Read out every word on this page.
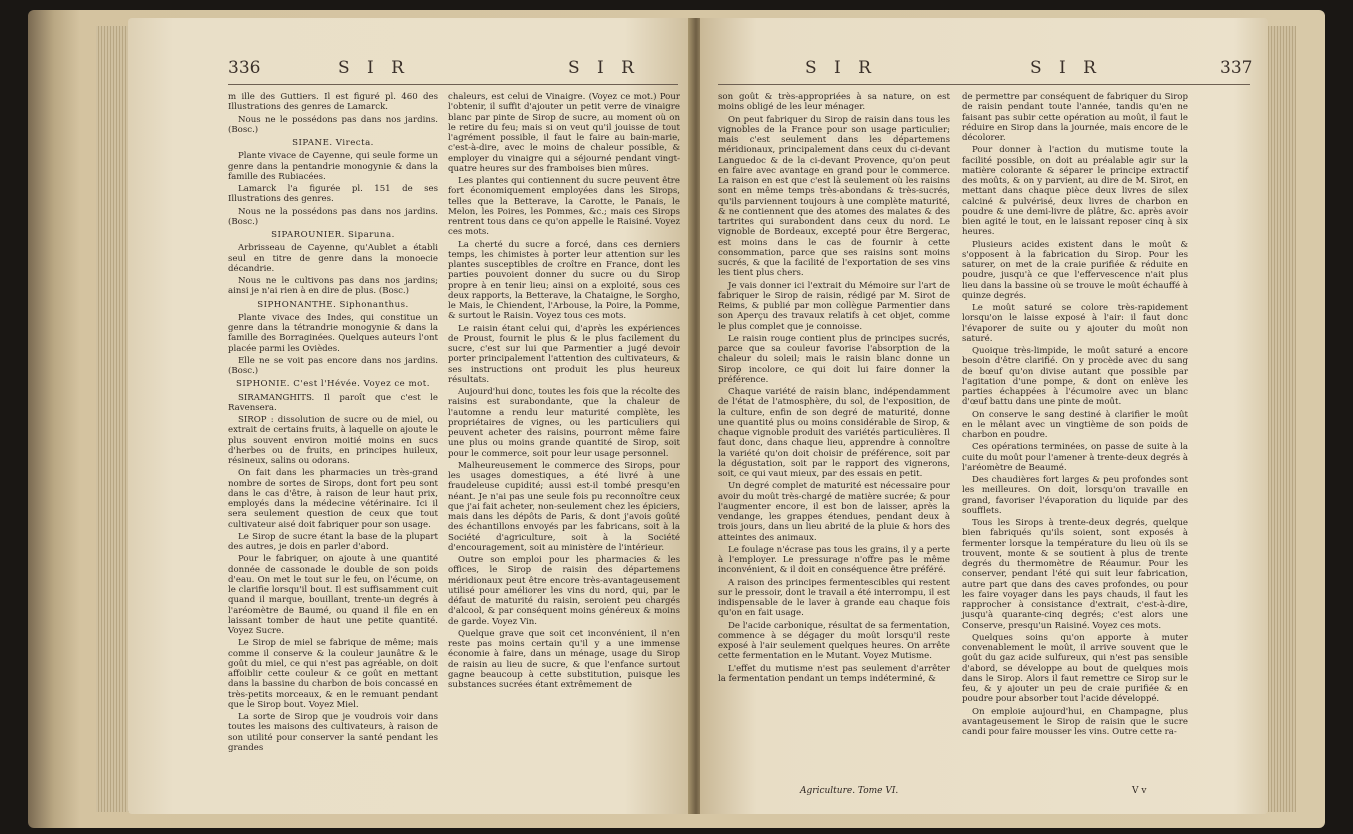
336	S I R	S I R

m ille des Guttiers. Il est figuré pl. 460 des Illustrations des genres de Lamarck.

Nous ne le possédons pas dans nos jardins. (Bosc.)

SIPANE. Virecta.

Plante vivace de Cayenne, qui seule forme un genre dans la pentandrie monogynie & dans la famille des Rubiacées.

Lamarck l'a figurée pl. 151 de ses Illustrations des genres.

Nous ne la possédons pas dans nos jardins. (Bosc.)

SIPAROUNIER. Siparuna.

Arbrisseau de Cayenne, qu'Aublet a établi seul en titre de genre dans la monoecie décandrie.

Nous ne le cultivons pas dans nos jardins; ainsi je n'ai rien à en dire de plus. (Bosc.)

SIPHONANTHE. Siphonanthus.

Plante vivace des Indes, qui constitue un genre dans la tétrandrie monogynie & dans la famille des Borraginées. Quelques auteurs l'ont placée parmi les Ovièdes.

Elle ne se voit pas encore dans nos jardins. (Bosc.)

SIPHONIE. C'est l'Hévée. Voyez ce mot.

SIRAMANGHITS. Il paroît que c'est le Ravensera.

SIROP : dissolution de sucre ou de miel, ou extrait de certains fruits, à laquelle on ajoute le plus souvent environ moitié moins en sucs d'herbes ou de fruits, en principes huileux, résineux, salins ou odorans.

On fait dans les pharmacies un très-grand nombre de sortes de Sirops, dont fort peu sont dans le cas d'être, à raison de leur haut prix, employés dans la médecine vétérinaire. Ici il sera seulement question de ceux que tout cultivateur aisé doit fabriquer pour son usage.

Le Sirop de sucre étant la base de la plupart des autres, je dois en parler d'abord.

Pour le fabriquer, on ajoute à une quantité donnée de cassonade le double de son poids d'eau. On met le tout sur le feu, on l'écume, on le clarifie lorsqu'il bout. Il est suffisamment cuit quand il marque, bouillant, trente-un degrés à l'aréomètre de Baumé, ou quand il file en en laissant tomber de haut une petite quantité. Voyez Sucre.

Le Sirop de miel se fabrique de même; mais comme il conserve & la couleur jaunâtre & le goût du miel, ce qui n'est pas agréable, on doit affoiblir cette couleur & ce goût en mettant dans la bassine du charbon de bois concassé en très-petits morceaux, & en le remuant pendant que le Sirop bout. Voyez Miel.

La sorte de Sirop que je voudrois voir dans toutes les maisons des cultivateurs, à raison de son utilité pour conserver la santé pendant les grandes

chaleurs, est celui de Vinaigre. (Voyez ce mot.) Pour l'obtenir, il suffit d'ajouter un petit verre de vinaigre blanc par pinte de Sirop de sucre, au moment où on le retire du feu; mais si on veut qu'il jouisse de tout l'agrément possible, il faut le faire au bain-marie, c'est-à-dire, avec le moins de chaleur possible, & employer du vinaigre qui a séjourné pendant vingt-quatre heures sur des framboises bien mûres.

Les plantes qui contiennent du sucre peuvent être fort économiquement employées dans les Sirops, telles que la Betterave, la Carotte, le Panais, le Melon, les Poires, les Pommes, &c.; mais ces Sirops rentrent tous dans ce qu'on appelle le Raisiné. Voyez ces mots.

La cherté du sucre a forcé, dans ces derniers temps, les chimistes à porter leur attention sur les plantes susceptibles de croître en France, dont les parties pouvoient donner du sucre ou du Sirop propre à en tenir lieu; ainsi on a exploité, sous ces deux rapports, la Betterave, la Chataigne, le Sorgho, le Mais, le Chiendent, l'Arbouse, la Poire, la Pomme, & surtout le Raisin. Voyez tous ces mots.

Le raisin étant celui qui, d'après les expériences de Proust, fournit le plus & le plus facilement du sucre, c'est sur lui que Parmentier a jugé devoir porter principalement l'attention des cultivateurs, & ses instructions ont produit les plus heureux résultats.

Aujourd'hui donc, toutes les fois que la récolte des raisins est surabondante, que la chaleur de l'automne a rendu leur maturité complète, les propriétaires de vignes, ou les particuliers qui peuvent acheter des raisins, pourront même faire une plus ou moins grande quantité de Sirop, soit pour le commerce, soit pour leur usage personnel.

Malheureusement le commerce des Sirops, pour les usages domestiques, a été livré à une fraudeleuse cupidité; aussi est-il tombé presqu'en néant. Je n'ai pas une seule fois pu reconnoître ceux que j'ai fait acheter, non-seulement chez les épiciers, mais dans les dépôts de Paris, & dont j'avois goûté des échantillons envoyés par les fabricans, soit à la Société d'agriculture, soit à la Société d'encouragement, soit au ministère de l'intérieur.

Outre son emploi pour les pharmacies & les offices, le Sirop de raisin des départemens méridionaux peut être encore très-avantageusement utilisé pour améliorer les vins du nord, qui, par le défaut de maturité du raisin, seroient peu chargés d'alcool, & par conséquent moins généreux & moins de garde. Voyez Vin.

Quelque grave que soit cet inconvénient, il n'en reste pas moins certain qu'il y a une immense économie à faire, dans un ménage, usage du Sirop de raisin au lieu de sucre, & que l'enfance surtout gagne beaucoup à cette substitution, puisque les substances sucrées étant extrêmement de

S I R	S I R	337

son goût & très-appropriées à sa nature, on est moins obligé de les leur ménager.

On peut fabriquer du Sirop de raisin dans tous les vignobles de la France pour son usage particulier; mais c'est seulement dans les départemens méridionaux, principalement dans ceux du ci-devant Languedoc & de la ci-devant Provence, qu'on peut en faire avec avantage en grand pour le commerce. La raison en est que c'est là seulement où les raisins sont en même temps très-abondans & très-sucrés, qu'ils parviennent toujours à une complète maturité, & ne contiennent que des atomes des malates & des tartrites qui surabondent dans ceux du nord. Le vignoble de Bordeaux, excepté pour être Bergerac, est moins dans le cas de fournir à cette consommation, parce que ses raisins sont moins sucrés, & que la facilité de l'exportation de ses vins les tient plus chers.

Je vais donner ici l'extrait du Mémoire sur l'art de fabriquer le Sirop de raisin, rédigé par M. Sirot de Reims, & publié par mon collègue Parmentier dans son Aperçu des travaux relatifs à cet objet, comme le plus complet que je connoisse.

Le raisin rouge contient plus de principes sucrés, parce que sa couleur favorise l'absorption de la chaleur du soleil; mais le raisin blanc donne un Sirop incolore, ce qui doit lui faire donner la préférence.

Chaque variété de raisin blanc, indépendamment de l'état de l'atmosphère, du sol, de l'exposition, de la culture, enfin de son degré de maturité, donne une quantité plus ou moins considérable de Sirop, & chaque vignoble produit des variétés particulières. Il faut donc, dans chaque lieu, apprendre à connoître la variété qu'on doit choisir de préférence, soit par la dégustation, soit par le rapport des vignerons, soit, ce qui vaut mieux, par des essais en petit.

Un degré complet de maturité est nécessaire pour avoir du moût très-chargé de matière sucrée; & pour l'augmenter encore, il est bon de laisser, après la vendange, les grappes étendues, pendant deux à trois jours, dans un lieu abrité de la pluie & hors des atteintes des animaux.

Le foulage n'écrase pas tous les grains, il y a perte à l'employer. Le pressurage n'offre pas le même inconvénient, & il doit en conséquence être préféré.

A raison des principes fermentescibles qui restent sur le pressoir, dont le travail a été interrompu, il est indispensable de le laver à grande eau chaque fois qu'on en fait usage.

De l'acide carbonique, résultat de sa fermentation, commence à se dégager du moût lorsqu'il reste exposé à l'air seulement quelques heures. On arrête cette fermentation en le Mutant. Voyez Mutisme.

L'effet du mutisme n'est pas seulement d'arrêter la fermentation pendant un temps indéterminé, &

de permettre par conséquent de fabriquer du Sirop de raisin pendant toute l'année, tandis qu'en ne faisant pas subir cette opération au moût, il faut le réduire en Sirop dans la journée, mais encore de le décolorer.

Pour donner à l'action du mutisme toute la facilité possible, on doit au préalable agir sur la matière colorante & séparer le principe extractif des moûts, & on y parvient, au dire de M. Sirot, en mettant dans chaque pièce deux livres de silex calciné & pulvérisé, deux livres de charbon en poudre & une demi-livre de plâtre, &c. après avoir bien agité le tout, en le laissant reposer cinq à six heures.

Plusieurs acides existent dans le moût & s'opposent à la fabrication du Sirop. Pour les saturer, on met de la craie purifiée & réduite en poudre, jusqu'à ce que l'effervescence n'ait plus lieu dans la bassine où se trouve le moût échauffé à quinze degrés.

Le moût saturé se colore très-rapidement lorsqu'on le laisse exposé à l'air: il faut donc l'évaporer de suite ou y ajouter du moût non saturé.

Quoique très-limpide, le moût saturé a encore besoin d'être clarifié. On y procède avec du sang de bœuf qu'on divise autant que possible par l'agitation d'une pompe, & dont on enlève les parties échappées à l'écumoire avec un blanc d'œuf battu dans une pinte de moût.

On conserve le sang destiné à clarifier le moût en le mêlant avec un vingtième de son poids de charbon en poudre.

Ces opérations terminées, on passe de suite à la cuite du moût pour l'amener à trente-deux degrés à l'aréomètre de Beaumé.

Des chaudières fort larges & peu profondes sont les meilleures. On doit, lorsqu'on travaille en grand, favoriser l'évaporation du liquide par des soufflets.

Tous les Sirops à trente-deux degrés, quelque bien fabriqués qu'ils soient, sont exposés à fermenter lorsque la température du lieu où ils se trouvent, monte & se soutient à plus de trente degrés du thermomètre de Réaumur. Pour les conserver, pendant l'été qui suit leur fabrication, autre part que dans des caves profondes, ou pour les faire voyager dans les pays chauds, il faut les rapprocher à consistance d'extrait, c'est-à-dire, jusqu'à quarante-cinq degrés; c'est alors une Conserve, presqu'un Raisiné. Voyez ces mots.

Quelques soins qu'on apporte à muter convenablement le moût, il arrive souvent que le goût du gaz acide sulfureux, qui n'est pas sensible d'abord, se développe au bout de quelques mois dans le Sirop. Alors il faut remettre ce Sirop sur le feu, & y ajouter un peu de craie purifiée & en poudre pour absorber tout l'acide développé.

On emploie aujourd'hui, en Champagne, plus avantageusement le Sirop de raisin que le sucre candi pour faire mousser les vins. Outre cette ra-

Agriculture. Tome VI.	V v
